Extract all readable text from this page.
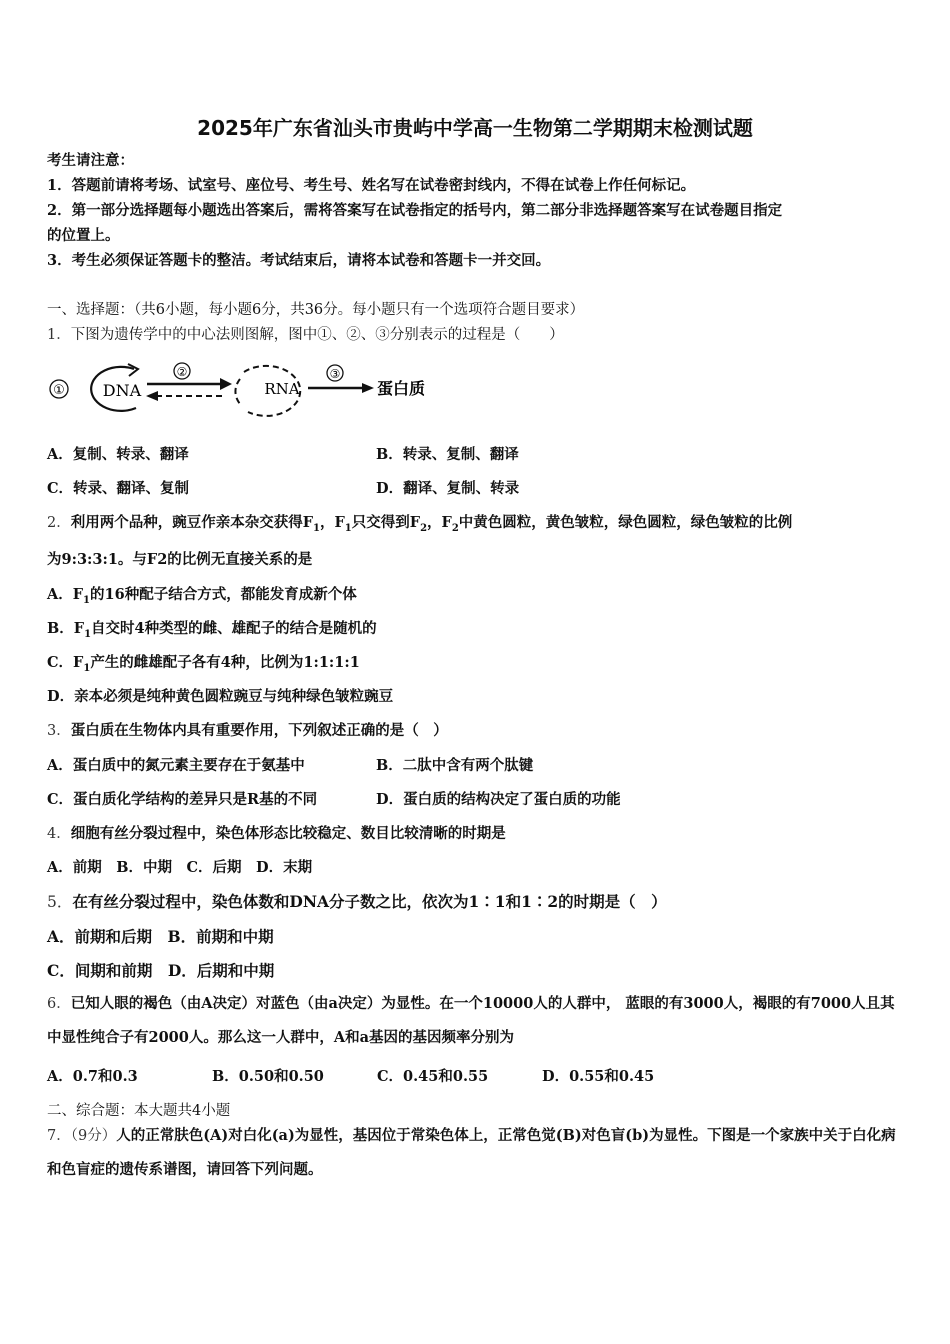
2025年广东省汕头市贵屿中学高一生物第二学期期末检测试题
考生请注意：
1．答题前请将考场、试室号、座位号、考生号、姓名写在试卷密封线内，不得在试卷上作任何标记。
2．第一部分选择题每小题选出答案后，需将答案写在试卷指定的括号内，第二部分非选择题答案写在试卷题目指定
的位置上。
3．考生必须保证答题卡的整洁。考试结束后，请将本试卷和答题卡一并交回。
一、选择题：（共6小题，每小题6分，共36分。每小题只有一个选项符合题目要求）
1．下图为遗传学中的中心法则图解，图中①、②、③分别表示的过程是（　　）
① DNA
②
RNA
③
蛋白质
A．复制、转录、翻译	B．转录、复制、翻译
C．转录、翻译、复制	D．翻译、复制、转录
2．利用两个品种，豌豆作亲本杂交获得$F_1$，$F_1$只交得到$F_2$，$F_2$中黄色圆粒，黄色皱粒，绿色圆粒，绿色皱粒的比例
为9:3:3:1。与F2的比例无直接关系的是
A．$F_1$的16种配子结合方式，都能发育成新个体
B．$F_1$自交时4种类型的雌、雄配子的结合是随机的
C．$F_1$产生的雌雄配子各有4种，比例为1:1:1:1
D．亲本必须是纯种黄色圆粒豌豆与纯种绿色皱粒豌豆
3．蛋白质在生物体内具有重要作用，下列叙述正确的是（　）
A．蛋白质中的氮元素主要存在于氨基中	B．二肽中含有两个肽键
C．蛋白质化学结构的差异只是R基的不同	D．蛋白质的结构决定了蛋白质的功能
4．细胞有丝分裂过程中，染色体形态比较稳定、数目比较清晰的时期是
A．前期　B．中期　C．后期　D．末期
5．在有丝分裂过程中，染色体数和DNA分子数之比，依次为1∶1和1∶2的时期是（　）
A．前期和后期　B．前期和中期
C．间期和前期　D．后期和中期
6．已知人眼的褐色（由A决定）对蓝色（由a决定）为显性。在一个10000人的人群中， 蓝眼的有3000人，褐眼的有7000人且其中显性纯合子有2000人。那么这一人群中，A和a基因的基因频率分别为
A．0.7和0.3	B．0.50和0.50	C．0.45和0.55	D．0.55和0.45
二、综合题：本大题共4小题
7．（9分）人的正常肤色(A)对白化(a)为显性，基因位于常染色体上，正常色觉(B)对色盲(b)为显性。下图是一个家族中关于白化病和色盲症的遗传系谱图，请回答下列问题。
